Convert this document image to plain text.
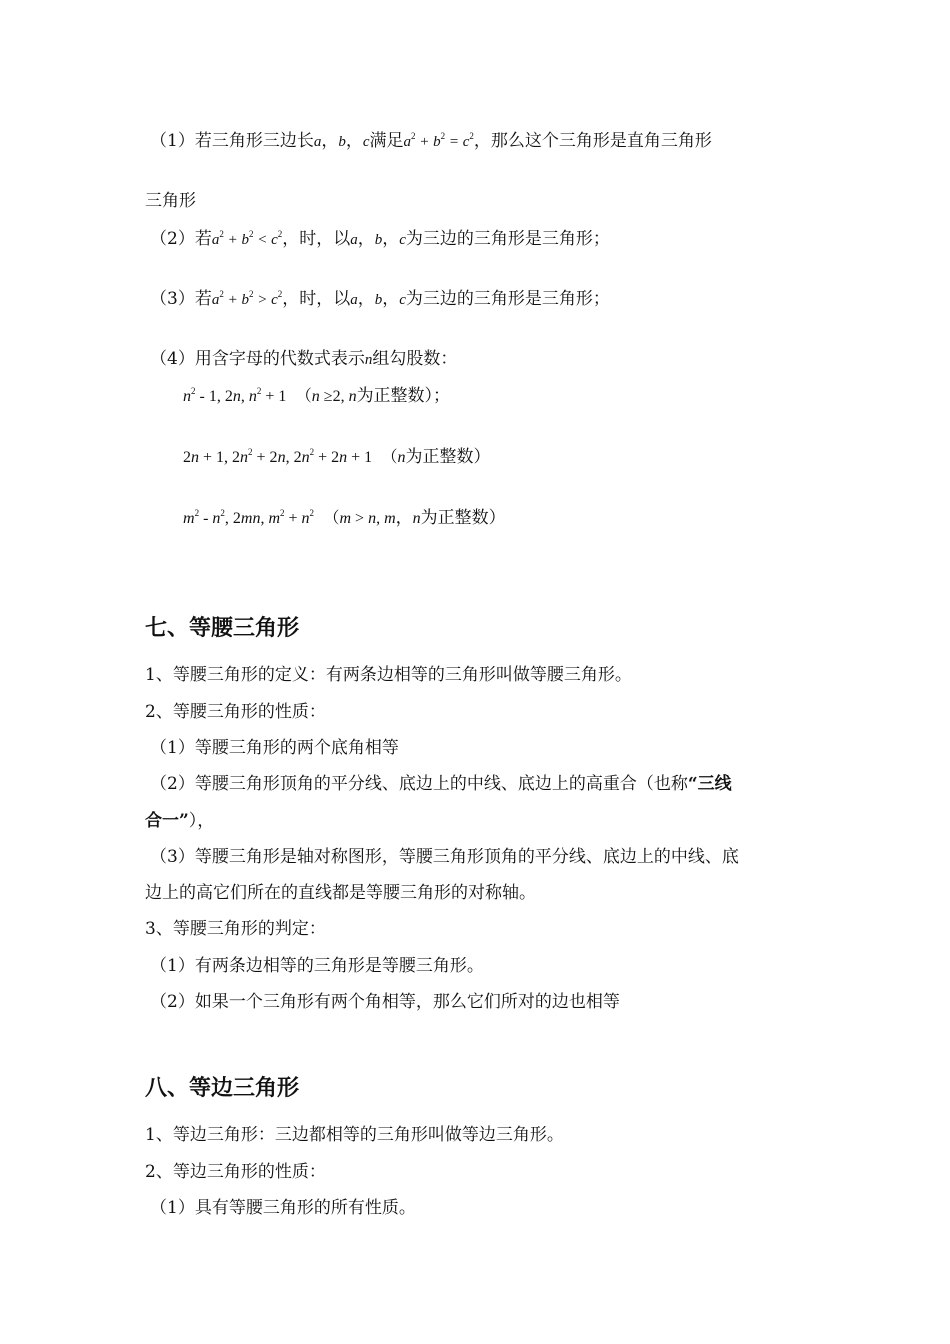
（1）若三角形三边长a，b，c满足$a^2 + b^2 = c^2$，那么这个三角形是直角三角形
三角形
（2）若$a^2 + b^2 < c^2$，时，以a，b，c为三边的三角形是三角形；
（3）若$a^2 + b^2 > c^2$，时，以a，b，c为三边的三角形是三角形；
（4）用含字母的代数式表示n组勾股数：
$n^2 - 1$, 2n, $n^2 + 1$  （n ≥2, n为正整数）；
2n + 1, $2n^2 + 2n$, $2n^2 + 2n + 1$  （n为正整数）
$m^2 - n^2$, 2mn, $m^2 + n^2$  （m > n, m，n为正整数）
七、等腰三角形
1、等腰三角形的定义：有两条边相等的三角形叫做等腰三角形。
2、等腰三角形的性质：
（1）等腰三角形的两个底角相等
（2）等腰三角形顶角的平分线、底边上的中线、底边上的高重合（也称“三线
合一”），
（3）等腰三角形是轴对称图形，等腰三角形顶角的平分线、底边上的中线、底
边上的高它们所在的直线都是等腰三角形的对称轴。
3、等腰三角形的判定：
（1）有两条边相等的三角形是等腰三角形。
（2）如果一个三角形有两个角相等，那么它们所对的边也相等
八、等边三角形
1、等边三角形：三边都相等的三角形叫做等边三角形。
2、等边三角形的性质：
（1）具有等腰三角形的所有性质。
